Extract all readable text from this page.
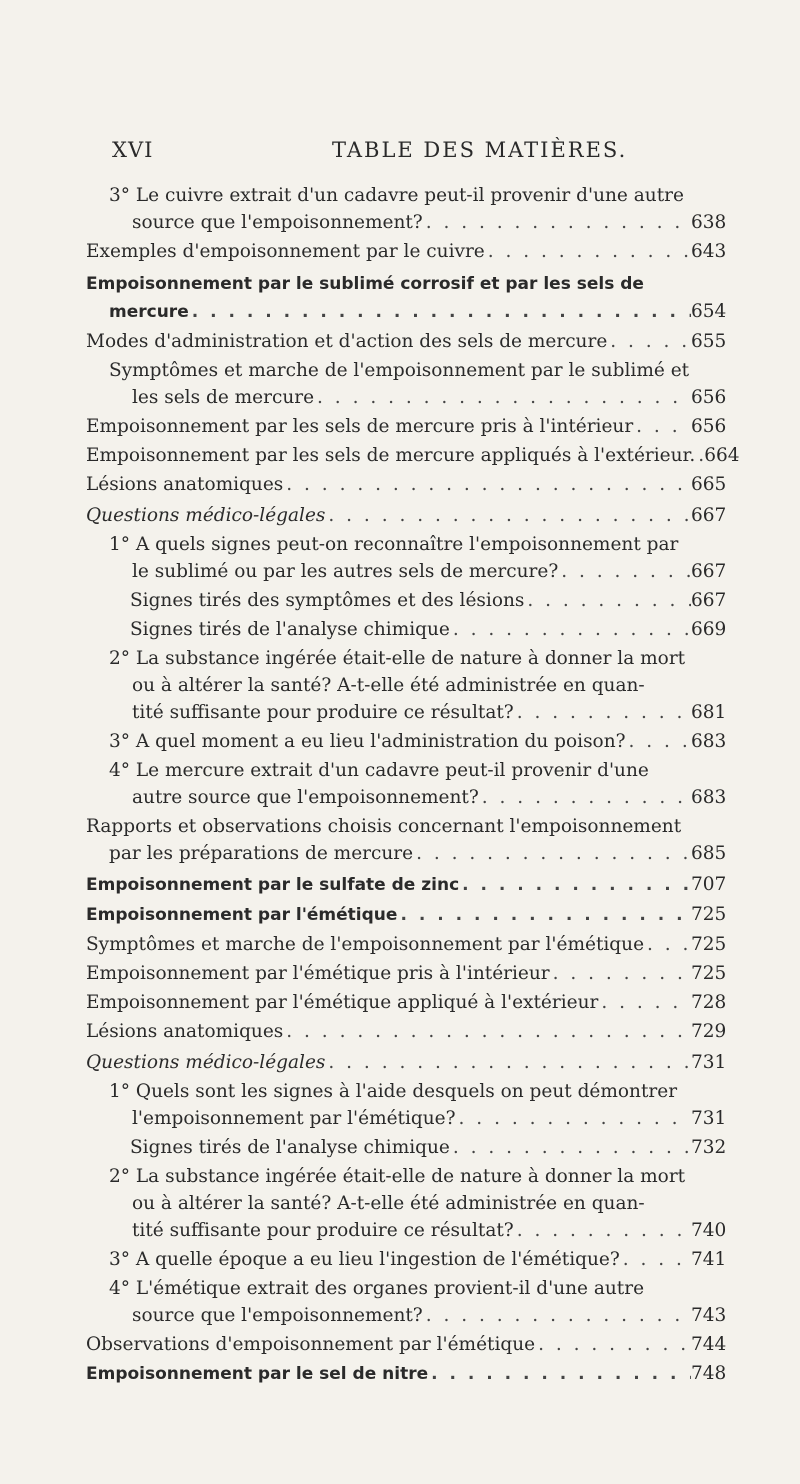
XVI	TABLE DES MATIÈRES.
3° Le cuivre extrait d'un cadavre peut-il provenir d'une autre
source que l'empoisonnement? . . .	638
Exemples d'empoisonnement par le cuivre . . .	643
Empoisonnement par le sublimé corrosif et par les sels de
mercure . . .	654
Modes d'administration et d'action des sels de mercure . . .	655
Symptômes et marche de l'empoisonnement par le sublimé et
les sels de mercure . . .	656
Empoisonnement par les sels de mercure pris à l'intérieur . . .	656
Empoisonnement par les sels de mercure appliqués à l'extérieur. . . . 664
Lésions anatomiques . . .	665
Questions médico-légales . . .	667
1° A quels signes peut-on reconnaître l'empoisonnement par
le sublimé ou par les autres sels de mercure? . . .	667
Signes tirés des symptômes et des lésions . . .	667
Signes tirés de l'analyse chimique . . .	669
2° La substance ingérée était-elle de nature à donner la mort
ou à altérer la santé? A-t-elle été administrée en quan-
tité suffisante pour produire ce résultat? . . .	681
3° A quel moment a eu lieu l'administration du poison? . . .	683
4° Le mercure extrait d'un cadavre peut-il provenir d'une
autre source que l'empoisonnement? . . .	683
Rapports et observations choisis concernant l'empoisonnement
par les préparations de mercure . . .	685
Empoisonnement par le sulfate de zinc . . .	707
Empoisonnement par l'émétique . . .	725
Symptômes et marche de l'empoisonnement par l'émétique . . .	725
Empoisonnement par l'émétique pris à l'intérieur . . .	725
Empoisonnement par l'émétique appliqué à l'extérieur . . .	728
Lésions anatomiques . . .	729
Questions médico-légales . . .	731
1° Quels sont les signes à l'aide desquels on peut démontrer
l'empoisonnement par l'émétique? . . .	731
Signes tirés de l'analyse chimique . . .	732
2° La substance ingérée était-elle de nature à donner la mort
ou à altérer la santé? A-t-elle été administrée en quan-
tité suffisante pour produire ce résultat? . . .	740
3° A quelle époque a eu lieu l'ingestion de l'émétique? . . .	741
4° L'émétique extrait des organes provient-il d'une autre
source que l'empoisonnement? . . .	743
Observations d'empoisonnement par l'émétique . . .	744
Empoisonnement par le sel de nitre . . .	748
